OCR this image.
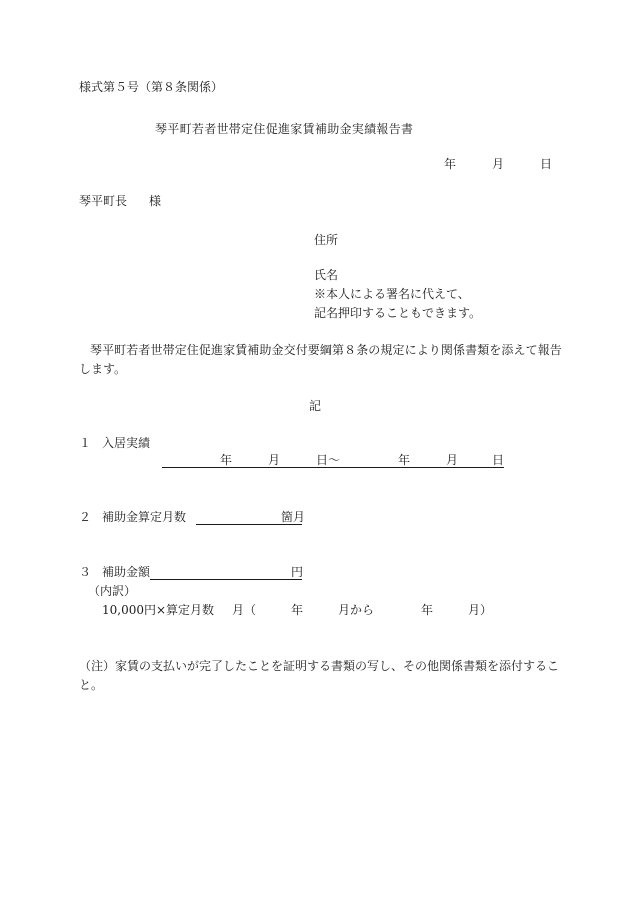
様式第５号（第８条関係）
琴平町若者世帯定住促進家賃補助金実績報告書
年	月	日
琴平町長 様
住所
氏名
※本人による署名に代えて、
記名押印することもできます。
琴平町若者世帯定住促進家賃補助金交付要綱第８条の規定により関係書類を添えて報告
します。
記
１ 入居実績
年	月	日～	年	月	日
２ 補助金算定月数	箇月
３ 補助金額	円
（内訳）
10,000円×算定月数 月（	年	月から	年	月）
（注）家賃の支払いが完了したことを証明する書類の写し、その他関係書類を添付するこ
と。
